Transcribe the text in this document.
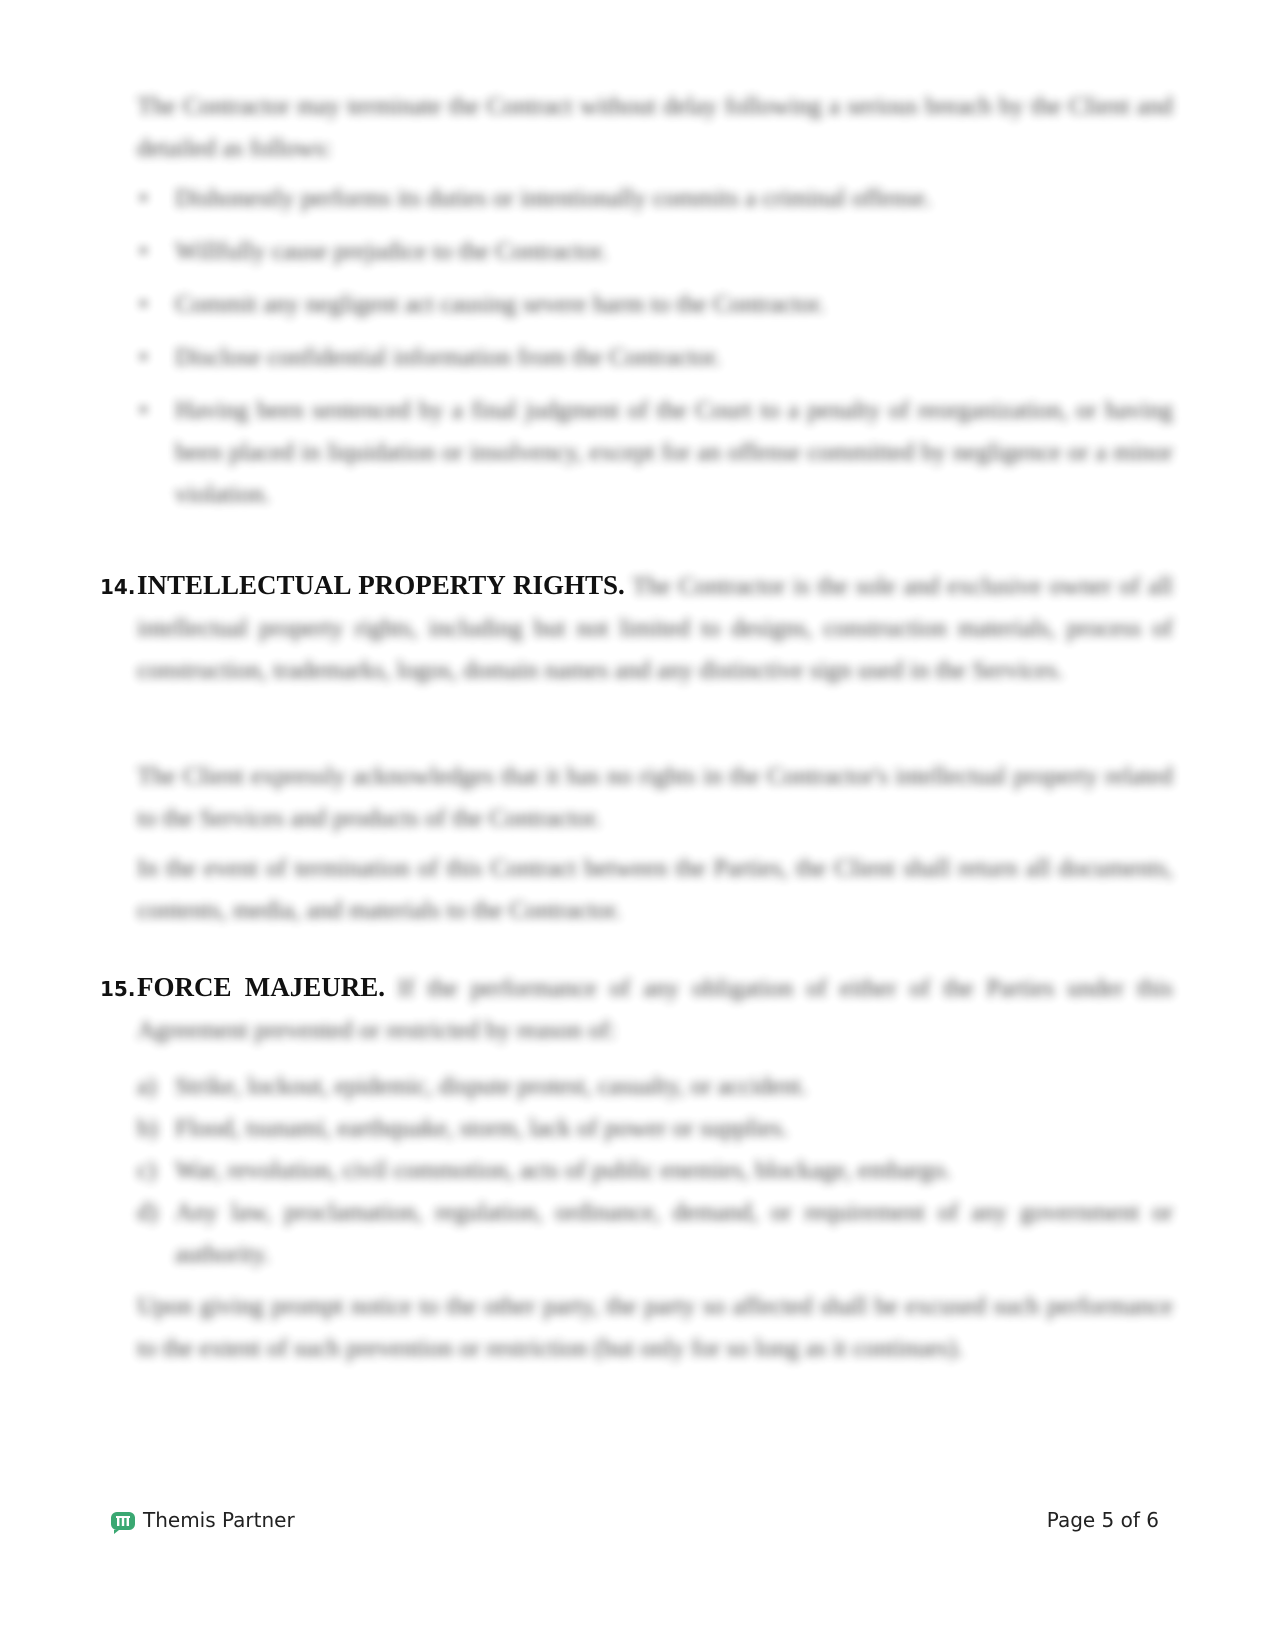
The Contractor may terminate the Contract without delay following a serious breach by the Client and detailed as follows:

• Dishonestly performs its duties or intentionally commits a criminal offense.
• Willfully cause prejudice to the Contractor.
• Commit any negligent act causing severe harm to the Contractor.
• Disclose confidential information from the Contractor.
• Having been sentenced by a final judgment of the Court to a penalty of reorganization, or having been placed in liquidation or insolvency, except for an offense committed by negligence or a minor violation.
14. INTELLECTUAL PROPERTY RIGHTS. The Contractor is the sole and exclusive owner of all intellectual property rights, including but not limited to designs, construction materials, process of construction, trademarks, logos, domain names and any distinctive sign used in the Services.

The Client expressly acknowledges that it has no rights in the Contractor's intellectual property related to the Services and products of the Contractor.

In the event of termination of this Contract between the Parties, the Client shall return all documents, contents, media, and materials to the Contractor.

15. FORCE MAJEURE. If the performance of any obligation of either of the Parties under this Agreement prevented or restricted by reason of:

a) Strike, lockout, epidemic, dispute protest, casualty, or accident.
b) Flood, tsunami, earthquake, storm, lack of power or supplies.
c) War, revolution, civil commotion, acts of public enemies, blockage, embargo.
d) Any law, proclamation, regulation, ordinance, demand, or requirement of any government or authority.

Upon giving prompt notice to the other party, the party so affected shall be excused such performance to the extent of such prevention or restriction (but only for so long as it continues).

Themis Partner	Page 5 of 6
